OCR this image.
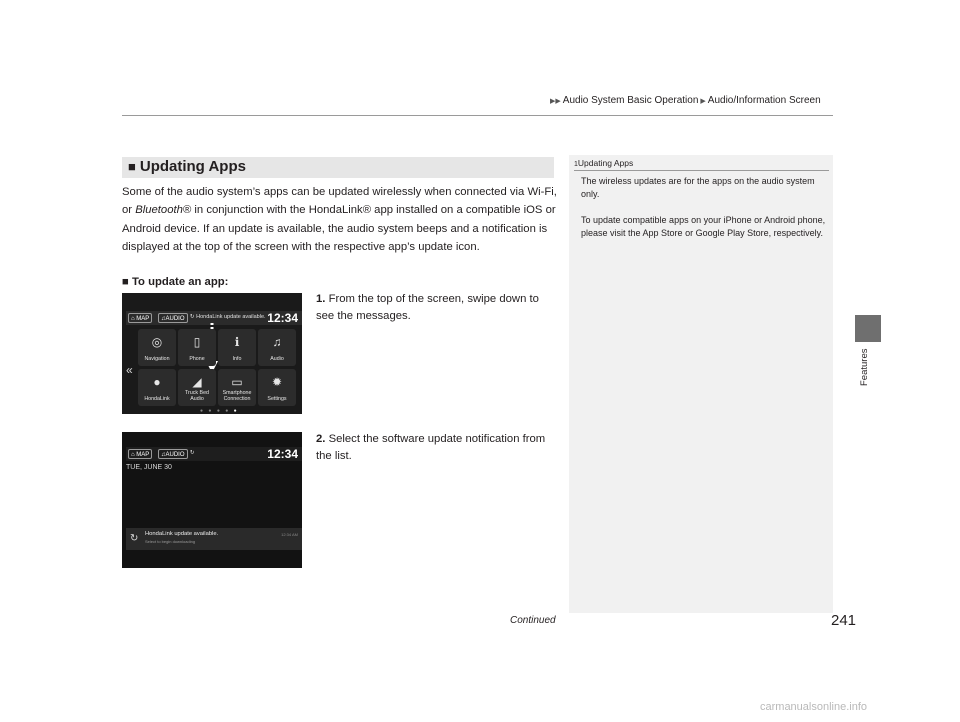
▶▶ Audio System Basic Operation ▶ Audio/Information Screen
Features
■ Updating Apps
Some of the audio system’s apps can be updated wirelessly when connected via Wi-Fi, or Bluetooth® in conjunction with the HondaLink® app installed on a compatible iOS or Android device. If an update is available, the audio system beeps and a notification is displayed at the top of the screen with the respective app’s update icon.
■ To update an app:
1. From the top of the screen, swipe down to see the messages.
2. Select the software update notification from the list.
⌂ MAP	♫AUDIO ↻ HondaLink update available. 12:34
«
◎
Navigation
▯
Phone
ℹ
Info
♫
Audio
●
HondaLink
◢
Truck Bed Audio
▭
Smartphone Connection
✹
Settings
● ● ● ● ●
⌂ MAP	♫AUDIO ↻	12:34
TUE, JUNE 30
↻ HondaLink update available.
Select to begin downloading
12:34 AM
1Updating Apps
The wireless updates are for the apps on the audio system only.
To update compatible apps on your iPhone or Android phone, please visit the App Store or Google Play Store, respectively.
Continued	241
carmanualsonline.info
